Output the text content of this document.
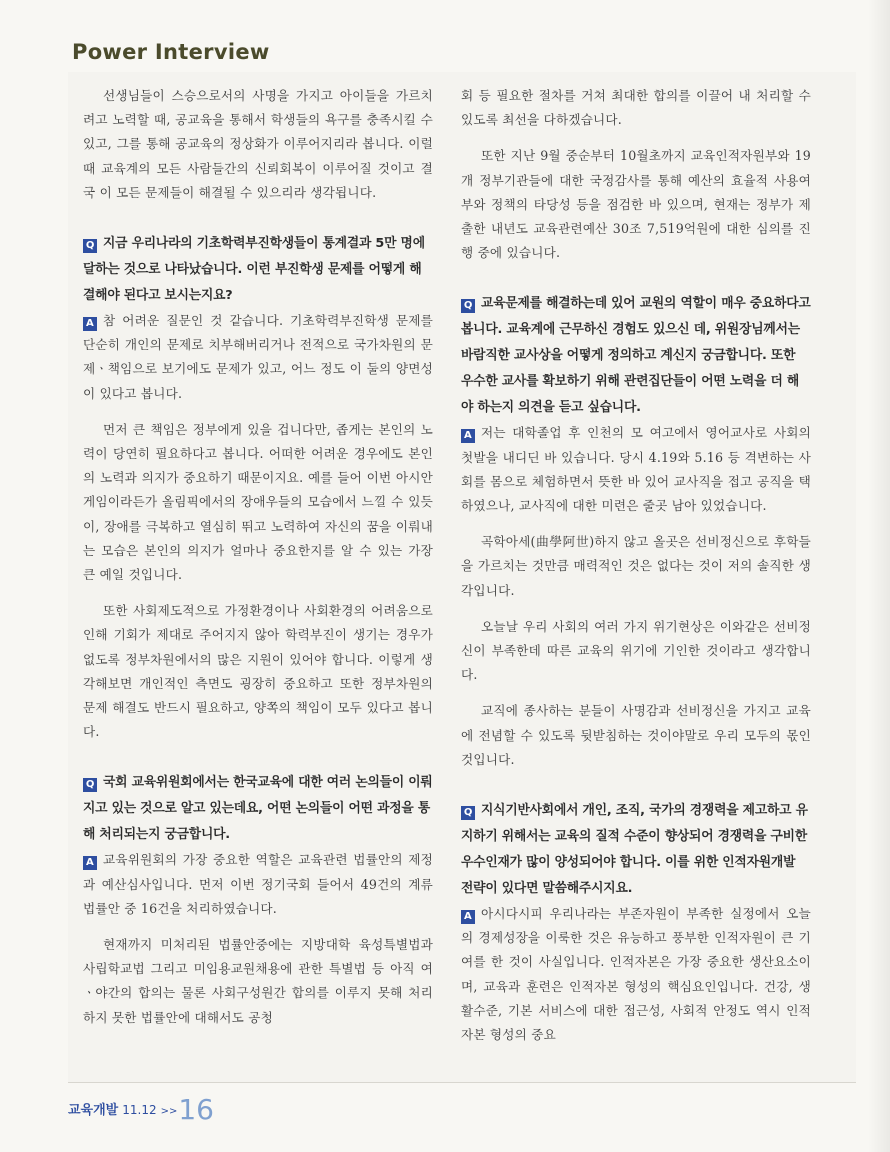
Power Interview

선생님들이 스승으로서의 사명을 가지고 아이들을 가르치려고 노력할 때, 공교육을 통해서 학생들의 욕구를 충족시킬 수 있고, 그를 통해 공교육의 정상화가 이루어지리라 봅니다. 이럴 때 교육계의 모든 사람들간의 신뢰회복이 이루어질 것이고 결국 이 모든 문제들이 해결될 수 있으리라 생각됩니다.

Q 지금 우리나라의 기초학력부진학생들이 통계결과 5만 명에 달하는 것으로 나타났습니다. 이런 부진학생 문제를 어떻게 해결해야 된다고 보시는지요?

A 참 어려운 질문인 것 같습니다. 기초학력부진학생 문제를 단순히 개인의 문제로 치부해버리거나 전적으로 국가차원의 문제ㆍ책임으로 보기에도 문제가 있고, 어느 정도 이 둘의 양면성이 있다고 봅니다.

먼저 큰 책임은 정부에게 있을 겁니다만, 좁게는 본인의 노력이 당연히 필요하다고 봅니다. 어떠한 어려운 경우에도 본인의 노력과 의지가 중요하기 때문이지요. 예를 들어 이번 아시안게임이라든가 올림픽에서의 장애우들의 모습에서 느낄 수 있듯이, 장애를 극복하고 열심히 뛰고 노력하여 자신의 꿈을 이뤄내는 모습은 본인의 의지가 얼마나 중요한지를 알 수 있는 가장 큰 예일 것입니다.

또한 사회제도적으로 가정환경이나 사회환경의 어려움으로 인해 기회가 제대로 주어지지 않아 학력부진이 생기는 경우가 없도록 정부차원에서의 많은 지원이 있어야 합니다. 이렇게 생각해보면 개인적인 측면도 굉장히 중요하고 또한 정부차원의 문제 해결도 반드시 필요하고, 양쪽의 책임이 모두 있다고 봅니다.

Q 국회 교육위원회에서는 한국교육에 대한 여러 논의들이 이뤄지고 있는 것으로 알고 있는데요, 어떤 논의들이 어떤 과정을 통해 처리되는지 궁금합니다.

A 교육위원회의 가장 중요한 역할은 교육관련 법률안의 제정과 예산심사입니다. 먼저 이번 정기국회 들어서 49건의 계류 법률안 중 16건을 처리하였습니다.

현재까지 미처리된 법률안중에는 지방대학 육성특별법과 사립학교법 그리고 미임용교원채용에 관한 특별법 등 아직 여ㆍ야간의 합의는 물론 사회구성원간 합의를 이루지 못해 처리하지 못한 법률안에 대해서도 공청

회 등 필요한 절차를 거쳐 최대한 합의를 이끌어 내 처리할 수 있도록 최선을 다하겠습니다.

또한 지난 9월 중순부터 10월초까지 교육인적자원부와 19개 정부기관들에 대한 국정감사를 통해 예산의 효율적 사용여부와 정책의 타당성 등을 점검한 바 있으며, 현재는 정부가 제출한 내년도 교육관련예산 30조 7,519억원에 대한 심의를 진행 중에 있습니다.

Q 교육문제를 해결하는데 있어 교원의 역할이 매우 중요하다고 봅니다. 교육계에 근무하신 경험도 있으신 데, 위원장님께서는 바람직한 교사상을 어떻게 정의하고 계신지 궁금합니다. 또한 우수한 교사를 확보하기 위해 관련집단들이 어떤 노력을 더 해야 하는지 의견을 듣고 싶습니다.

A 저는 대학졸업 후 인천의 모 여고에서 영어교사로 사회의 첫발을 내디딘 바 있습니다. 당시 4.19와 5.16 등 격변하는 사회를 몸으로 체험하면서 뜻한 바 있어 교사직을 접고 공직을 택하였으나, 교사직에 대한 미련은 줄곳 남아 있었습니다.

곡학아세(曲學阿世)하지 않고 올곳은 선비정신으로 후학들을 가르치는 것만큼 매력적인 것은 없다는 것이 저의 솔직한 생각입니다.

오늘날 우리 사회의 여러 가지 위기현상은 이와같은 선비정신이 부족한데 따른 교육의 위기에 기인한 것이라고 생각합니다.

교직에 종사하는 분들이 사명감과 선비정신을 가지고 교육에 전념할 수 있도록 뒷받침하는 것이야말로 우리 모두의 몫인 것입니다.

Q 지식기반사회에서 개인, 조직, 국가의 경쟁력을 제고하고 유지하기 위해서는 교육의 질적 수준이 향상되어 경쟁력을 구비한 우수인재가 많이 양성되어야 합니다. 이를 위한 인적자원개발 전략이 있다면 말씀해주시지요.

A 아시다시피 우리나라는 부존자원이 부족한 실정에서 오늘의 경제성장을 이룩한 것은 유능하고 풍부한 인적자원이 큰 기여를 한 것이 사실입니다. 인적자본은 가장 중요한 생산요소이며, 교육과 훈련은 인적자본 형성의 핵심요인입니다. 건강, 생활수준, 기본 서비스에 대한 접근성, 사회적 안정도 역시 인적자본 형성의 중요

교육개발 11.12 >>16
